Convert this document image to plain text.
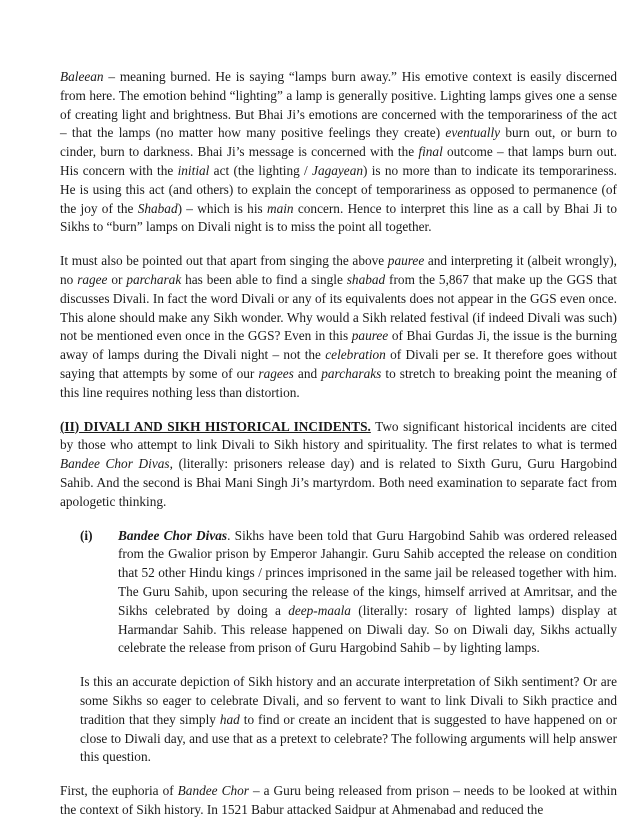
Baleean – meaning burned. He is saying “lamps burn away.” His emotive context is easily discerned from here. The emotion behind “lighting” a lamp is generally positive. Lighting lamps gives one a sense of creating light and brightness. But Bhai Ji’s emotions are concerned with the temporariness of the act – that the lamps (no matter how many positive feelings they create) eventually burn out, or burn to cinder, burn to darkness. Bhai Ji’s message is concerned with the final outcome – that lamps burn out. His concern with the initial act (the lighting / Jagayean) is no more than to indicate its temporariness. He is using this act (and others) to explain the concept of temporariness as opposed to permanence (of the joy of the Shabad) – which is his main concern. Hence to interpret this line as a call by Bhai Ji to Sikhs to “burn” lamps on Divali night is to miss the point all together.

It must also be pointed out that apart from singing the above pauree and interpreting it (albeit wrongly), no ragee or parcharak has been able to find a single shabad from the 5,867 that make up the GGS that discusses Divali. In fact the word Divali or any of its equivalents does not appear in the GGS even once. This alone should make any Sikh wonder. Why would a Sikh related festival (if indeed Divali was such) not be mentioned even once in the GGS? Even in this pauree of Bhai Gurdas Ji, the issue is the burning away of lamps during the Divali night – not the celebration of Divali per se. It therefore goes without saying that attempts by some of our ragees and parcharaks to stretch to breaking point the meaning of this line requires nothing less than distortion.

(II) DIVALI AND SIKH HISTORICAL INCIDENTS. Two significant historical incidents are cited by those who attempt to link Divali to Sikh history and spirituality. The first relates to what is termed Bandee Chor Divas, (literally: prisoners release day) and is related to Sixth Guru, Guru Hargobind Sahib. And the second is Bhai Mani Singh Ji’s martyrdom. Both need examination to separate fact from apologetic thinking.

(i)	Bandee Chor Divas. Sikhs have been told that Guru Hargobind Sahib was ordered released from the Gwalior prison by Emperor Jahangir. Guru Sahib accepted the release on condition that 52 other Hindu kings / princes imprisoned in the same jail be released together with him. The Guru Sahib, upon securing the release of the kings, himself arrived at Amritsar, and the Sikhs celebrated by doing a deep-maala (literally: rosary of lighted lamps) display at Harmandar Sahib. This release happened on Diwali day. So on Diwali day, Sikhs actually celebrate the release from prison of Guru Hargobind Sahib – by lighting lamps.

Is this an accurate depiction of Sikh history and an accurate interpretation of Sikh sentiment? Or are some Sikhs so eager to celebrate Divali, and so fervent to want to link Divali to Sikh practice and tradition that they simply had to find or create an incident that is suggested to have happened on or close to Diwali day, and use that as a pretext to celebrate? The following arguments will help answer this question.

First, the euphoria of Bandee Chor – a Guru being released from prison – needs to be looked at within the context of Sikh history. In 1521 Babur attacked Saidpur at Ahmenabad and reduced the
